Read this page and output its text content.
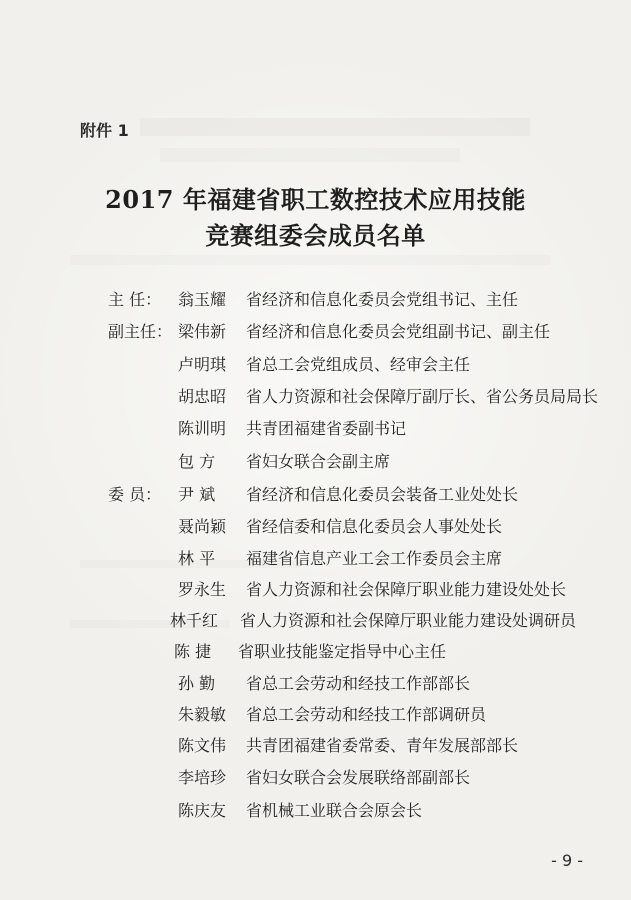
附件 1
2017 年福建省职工数控技术应用技能
竞赛组委会成员名单
主 任：	翁玉耀	省经济和信息化委员会党组书记、主任
副主任： 梁伟新	省经济和信息化委员会党组副书记、副主任
卢明琪	省总工会党组成员、经审会主任
胡忠昭	省人力资源和社会保障厅副厅长、省公务员局局长
陈训明	共青团福建省委副书记
包 方	省妇女联合会副主席
委 员：	尹 斌	省经济和信息化委员会装备工业处处长
聂尚颖	省经信委和信息化委员会人事处处长
林 平	福建省信息产业工会工作委员会主席
罗永生	省人力资源和社会保障厅职业能力建设处处长
林千红	省人力资源和社会保障厅职业能力建设处调研员
陈 捷	省职业技能鉴定指导中心主任
孙 勤	省总工会劳动和经技工作部部长
朱毅敏	省总工会劳动和经技工作部调研员
陈文伟	共青团福建省委常委、青年发展部部长
李培珍	省妇女联合会发展联络部副部长
陈庆友	省机械工业联合会原会长
- 9 -
